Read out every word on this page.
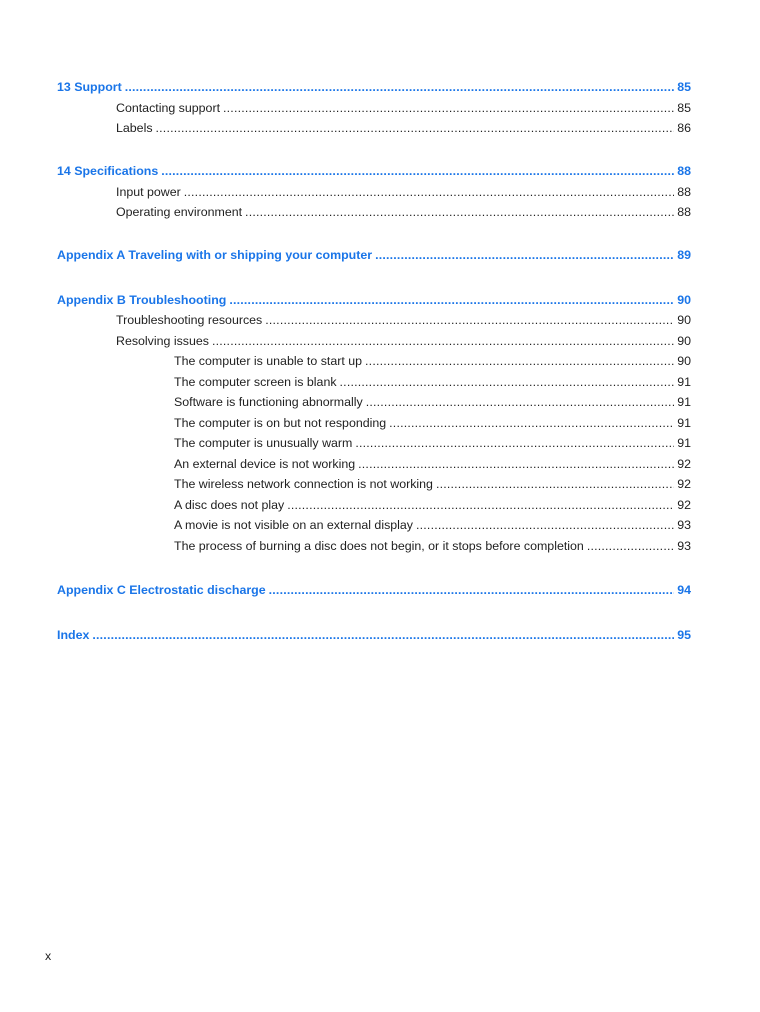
13 Support .....	85
Contacting support .....	85
Labels .....	86
14 Specifications .....	88
Input power .....	88
Operating environment .....	88
Appendix A Traveling with or shipping your computer .....	89
Appendix B Troubleshooting .....	90
Troubleshooting resources .....	90
Resolving issues .....	90
The computer is unable to start up .....	90
The computer screen is blank .....	91
Software is functioning abnormally .....	91
The computer is on but not responding .....	91
The computer is unusually warm .....	91
An external device is not working .....	92
The wireless network connection is not working .....	92
A disc does not play .....	92
A movie is not visible on an external display .....	93
The process of burning a disc does not begin, or it stops before completion .....	93
Appendix C Electrostatic discharge .....	94
Index .....	95
x
